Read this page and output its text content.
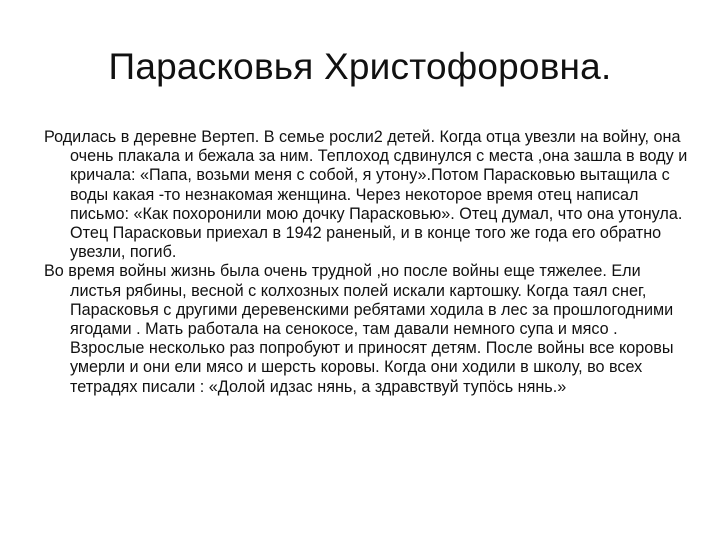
Парасковья Христофоровна.

Родилась в деревне Вертеп. В семье росли2 детей. Когда отца увезли на войну, она очень плакала и бежала за ним. Теплоход сдвинулся с места ,она зашла в воду и кричала: «Папа, возьми меня с собой, я утону».Потом Парасковью вытащила с воды какая -то незнакомая женщина. Через некоторое время отец написал письмо: «Как похоронили мою дочку Парасковью». Отец думал, что она утонула. Отец Парасковьи приехал в 1942 раненый, и в конце того же года его обратно увезли, погиб.

Во время войны жизнь была очень трудной ,но после войны еще тяжелее. Ели листья рябины, весной с колхозных полей искали картошку. Когда таял снег, Парасковья с другими деревенскими ребятами ходила в лес за прошлогодними ягодами . Мать работала на сенокосе, там давали немного супа и мясо . Взрослые несколько раз попробуют и приносят детям. После войны все коровы умерли и они ели мясо и шерсть коровы. Когда они ходили в школу, во всех тетрадях писали : «Долой идзас нянь, а здравствуй тупöсь нянь.»
